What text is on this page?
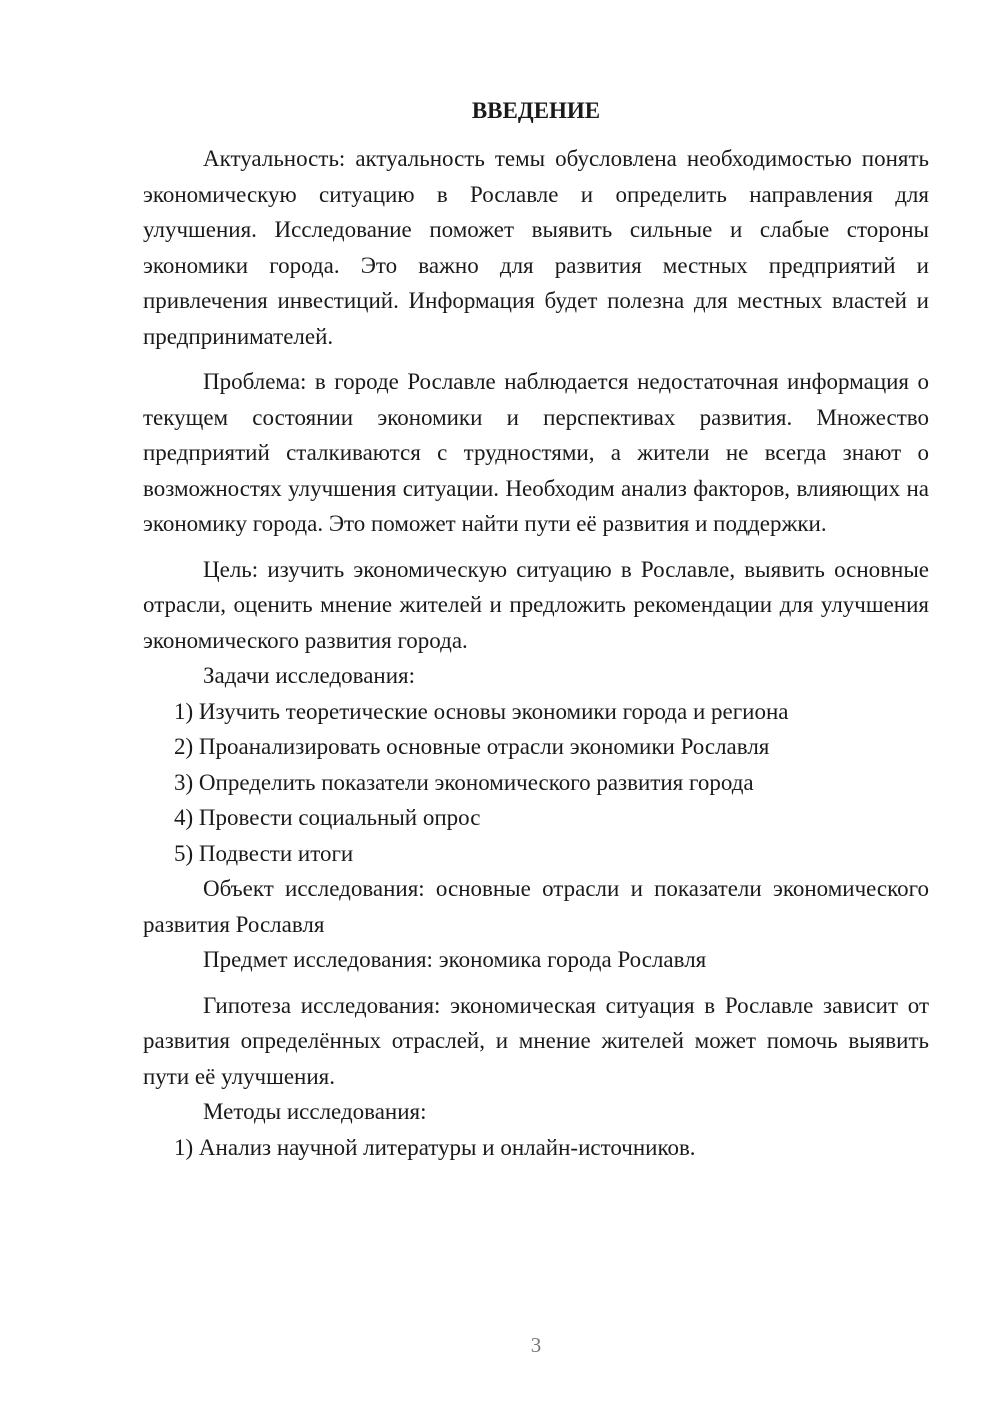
ВВЕДЕНИЕ

Актуальность: актуальность темы обусловлена необходимостью понять экономическую ситуацию в Рославле и определить направления для улучшения. Исследование поможет выявить сильные и слабые стороны экономики города. Это важно для развития местных предприятий и привлечения инвестиций. Информация будет полезна для местных властей и предпринимателей.

Проблема: в городе Рославле наблюдается недостаточная информация о текущем состоянии экономики и перспективах развития. Множество предприятий сталкиваются с трудностями, а жители не всегда знают о возможностях улучшения ситуации. Необходим анализ факторов, влияющих на экономику города. Это поможет найти пути её развития и поддержки.

Цель: изучить экономическую ситуацию в Рославле, выявить основные отрасли, оценить мнение жителей и предложить рекомендации для улучшения экономического развития города.

Задачи исследования:

1) Изучить теоретические основы экономики города и региона

2) Проанализировать основные отрасли экономики Рославля

3) Определить показатели экономического развития города

4) Провести социальный опрос

5) Подвести итоги

Объект исследования: основные отрасли и показатели экономического развития Рославля

Предмет исследования: экономика города Рославля

Гипотеза исследования: экономическая ситуация в Рославле зависит от развития определённых отраслей, и мнение жителей может помочь выявить пути её улучшения.

Методы исследования:

1) Анализ научной литературы и онлайн-источников.

3
